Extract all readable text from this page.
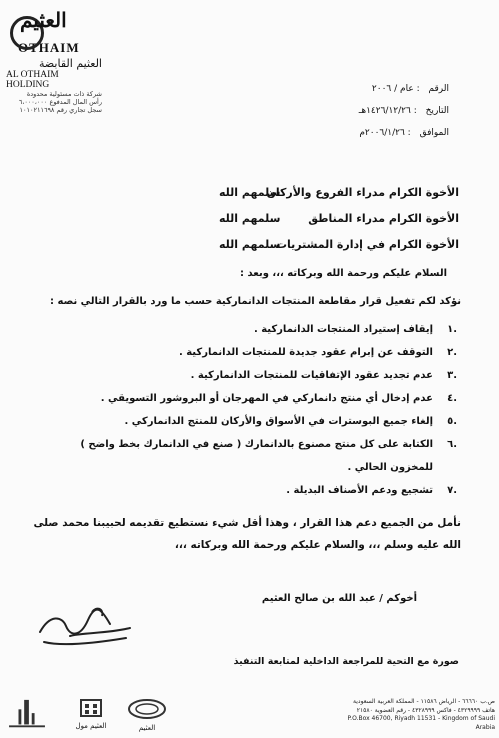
العثيم
OTHAIM
العثيم القابضة
AL OTHAIM HOLDING
شركة ذات مسئولية محدودة
رأس المال المدفوع ٦،٠٠٠،٠٠٠
سجل تجاري رقم ١٠١٠٢١١٦٩٨
الرقم : عام / ٢٠٠٦
التاريخ : ١٤٢٦/١٢/٢٦هـ
الموافق : ٢٠٠٦/١/٢٦م
الأخوة الكرام مدراء الفروع والأركان
سلمهم الله
الأخوة الكرام مدراء المناطق
سلمهم الله
الأخوة الكرام في إدارة المشتريات
سلمهم الله
السلام عليكم ورحمة الله وبركاته ،،، وبعد :
نؤكد لكم تفعيل قرار مقاطعة المنتجات الدانماركية حسب ما ورد بالقرار التالي نصه :
.١
إيقاف إستيراد المنتجات الدانماركية .
.٢
التوقف عن إبرام عقود جديدة للمنتجات الدانماركية .
.٣
عدم تجديد عقود الإتفاقيات للمنتجات الدانماركية .
.٤
عدم إدخال أي منتج دانماركي في المهرجان أو البروشور التسويقي .
.٥
إلغاء جميع البوسترات في الأسواق والأركان للمنتج الدانماركي .
.٦
الكتابة على كل منتج مصنوع بالدانمارك ( صنع في الدانمارك بخط واضح )
للمخزون الحالي .
.٧
تشجيع ودعم الأصناف البديلة .
نأمل من الجميع دعم هذا القرار ، وهذا أقل شيء نستطيع تقديمه لحبيبنا محمد صلى
الله عليه وسلم ،،، والسلام عليكم ورحمة الله وبركاته ،،،
أخوكم / عبد الله بن صالح العثيم
صورة مع التحية للمراجعة الداخلية لمتابعة التنفيذ
العثيم مول	العثيم
ص.ب ٦٦٦٦٠ - الرياض ١١٥٨٦ - المملكة العربية السعودية
هاتف ٤٣٢٩٩٩٩ - فاكس ٤٣٢٨٩٩٩ - رقم العضوية ٢١٥٨٠
P.O.Box 46700, Riyadh 11531 - Kingdom of Saudi Arabia
